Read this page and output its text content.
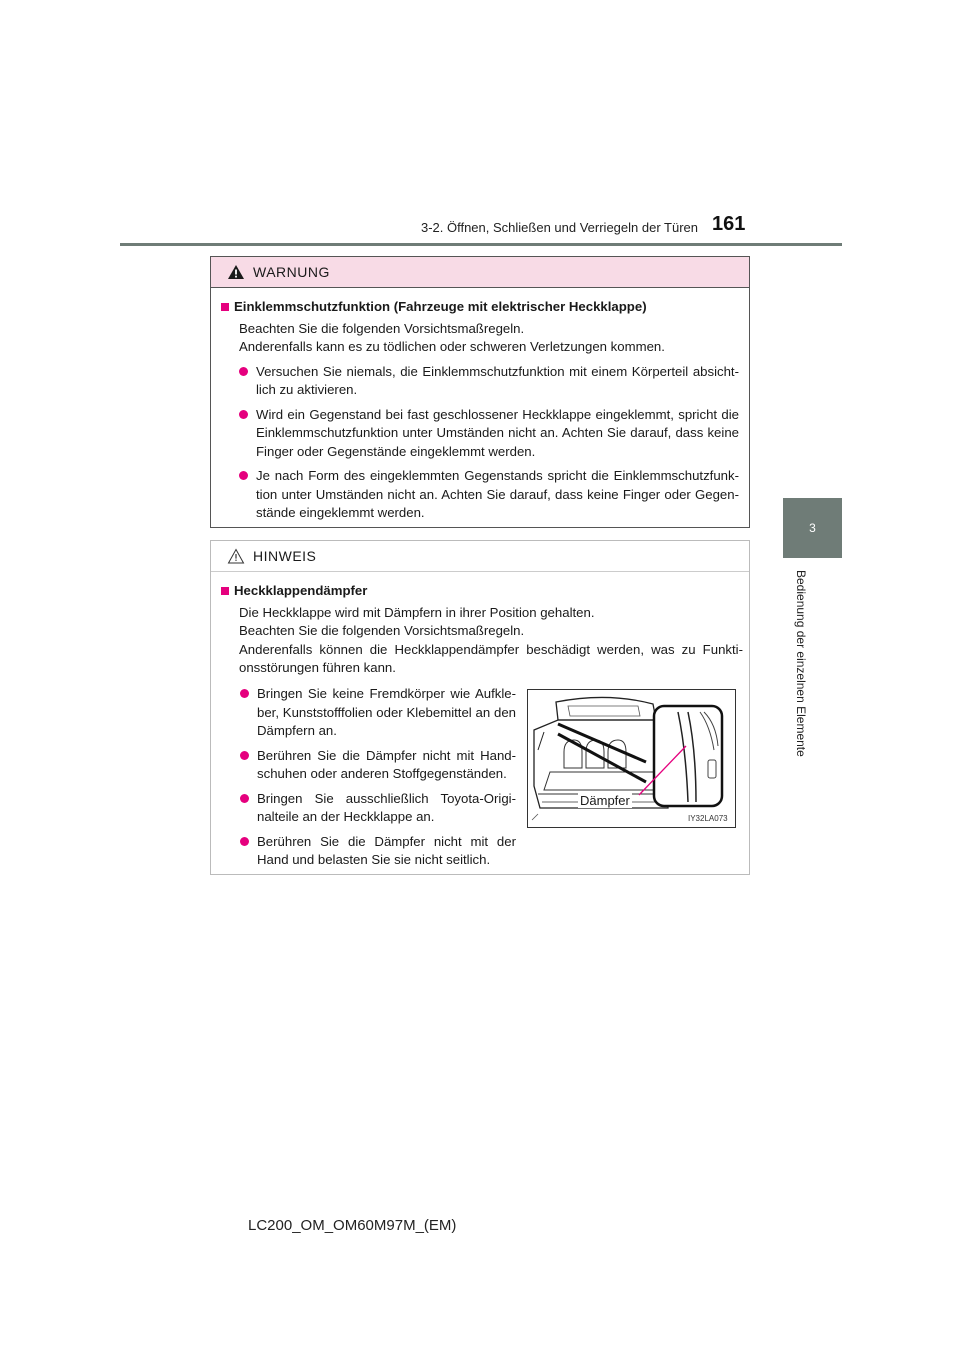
3-2. Öffnen, Schließen und Verriegeln der Türen 161
3
Bedienung der einzelnen Elemente
WARNUNG
Einklemmschutzfunktion (Fahrzeuge mit elektrischer Heckklappe)
Beachten Sie die folgenden Vorsichtsmaßregeln.
Anderenfalls kann es zu tödlichen oder schweren Verletzungen kommen.
Versuchen Sie niemals, die Einklemmschutzfunktion mit einem Körperteil absicht-lich zu aktivieren.
Wird ein Gegenstand bei fast geschlossener Heckklappe eingeklemmt, spricht die Einklemmschutzfunktion unter Umständen nicht an. Achten Sie darauf, dass keine Finger oder Gegenstände eingeklemmt werden.
Je nach Form des eingeklemmten Gegenstands spricht die Einklemmschutzfunk-tion unter Umständen nicht an. Achten Sie darauf, dass keine Finger oder Gegen-stände eingeklemmt werden.
HINWEIS
Heckklappendämpfer
Die Heckklappe wird mit Dämpfern in ihrer Position gehalten.
Beachten Sie die folgenden Vorsichtsmaßregeln.
Anderenfalls können die Heckklappendämpfer beschädigt werden, was zu Funkti-onsstörungen führen kann.
Bringen Sie keine Fremdkörper wie Aufkle-ber, Kunststofffolien oder Klebemittel an den Dämpfern an.
Berühren Sie die Dämpfer nicht mit Hand-schuhen oder anderen Stoffgegenständen.
Bringen Sie ausschließlich Toyota-Origi-nalteile an der Heckklappe an.
Berühren Sie die Dämpfer nicht mit der Hand und belasten Sie sie nicht seitlich.
Dämpfer
IY32LA073
LC200_OM_OM60M97M_(EM)
